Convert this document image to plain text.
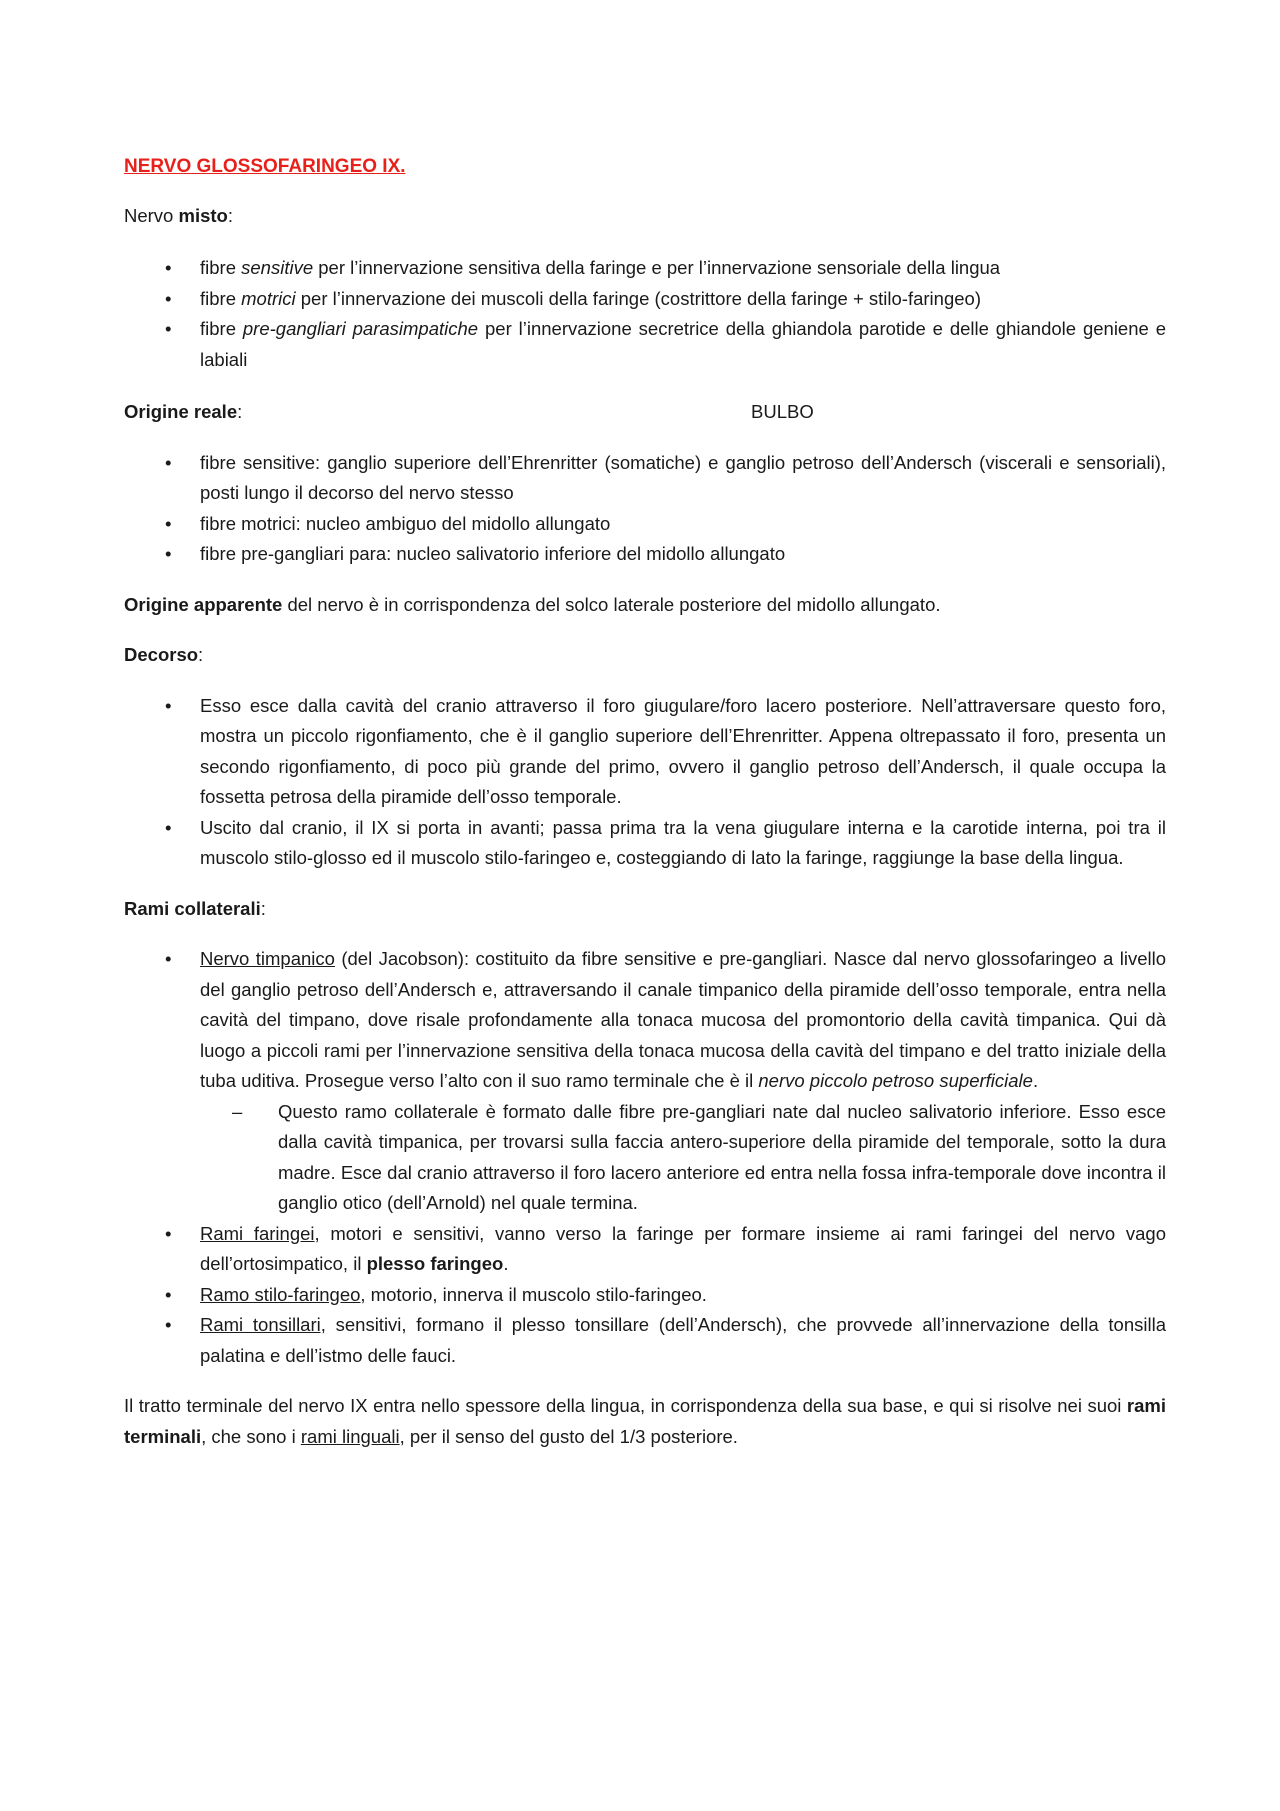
NERVO GLOSSOFARINGEO IX.

Nervo misto:

• fibre sensitive per l’innervazione sensitiva della faringe e per l’innervazione sensoriale della lingua
• fibre motrici per l’innervazione dei muscoli della faringe (costrittore della faringe + stilo-faringeo)
• fibre pre-gangliari parasimpatiche per l’innervazione secretrice della ghiandola parotide e delle ghiandole geniene e labiali
Origine reale:	BULBO
• fibre sensitive: ganglio superiore dell’Ehrenritter (somatiche) e ganglio petroso dell’Andersch (viscerali e sensoriali), posti lungo il decorso del nervo stesso
• fibre motrici: nucleo ambiguo del midollo allungato
• fibre pre-gangliari para: nucleo salivatorio inferiore del midollo allungato

Origine apparente del nervo è in corrispondenza del solco laterale posteriore del midollo allungato.

Decorso:

• Esso esce dalla cavità del cranio attraverso il foro giugulare/foro lacero posteriore. Nell’attraversare questo foro, mostra un piccolo rigonfiamento, che è il ganglio superiore dell’Ehrenritter. Appena oltrepassato il foro, presenta un secondo rigonfiamento, di poco più grande del primo, ovvero il ganglio petroso dell’Andersch, il quale occupa la fossetta petrosa della piramide dell’osso temporale.
• Uscito dal cranio, il IX si porta in avanti; passa prima tra la vena giugulare interna e la carotide interna, poi tra il muscolo stilo-glosso ed il muscolo stilo-faringeo e, costeggiando di lato la faringe, raggiunge la base della lingua.

Rami collaterali:

• Nervo timpanico (del Jacobson): costituito da fibre sensitive e pre-gangliari. Nasce dal nervo glossofaringeo a livello del ganglio petroso dell’Andersch e, attraversando il canale timpanico della piramide dell’osso temporale, entra nella cavità del timpano, dove risale profondamente alla tonaca mucosa del promontorio della cavità timpanica. Qui dà luogo a piccoli rami per l’innervazione sensitiva della tonaca mucosa della cavità del timpano e del tratto iniziale della tuba uditiva. Prosegue verso l’alto con il suo ramo terminale che è il nervo piccolo petroso superficiale.
– Questo ramo collaterale è formato dalle fibre pre-gangliari nate dal nucleo salivatorio inferiore. Esso esce dalla cavità timpanica, per trovarsi sulla faccia antero-superiore della piramide del temporale, sotto la dura madre. Esce dal cranio attraverso il foro lacero anteriore ed entra nella fossa infra-temporale dove incontra il ganglio otico (dell’Arnold) nel quale termina.
• Rami faringei, motori e sensitivi, vanno verso la faringe per formare insieme ai rami faringei del nervo vago dell’ortosimpatico, il plesso faringeo.
• Ramo stilo-faringeo, motorio, innerva il muscolo stilo-faringeo.
• Rami tonsillari, sensitivi, formano il plesso tonsillare (dell’Andersch), che provvede all’innervazione della tonsilla palatina e dell’istmo delle fauci.

Il tratto terminale del nervo IX entra nello spessore della lingua, in corrispondenza della sua base, e qui si risolve nei suoi rami terminali, che sono i rami linguali, per il senso del gusto del 1/3 posteriore.
